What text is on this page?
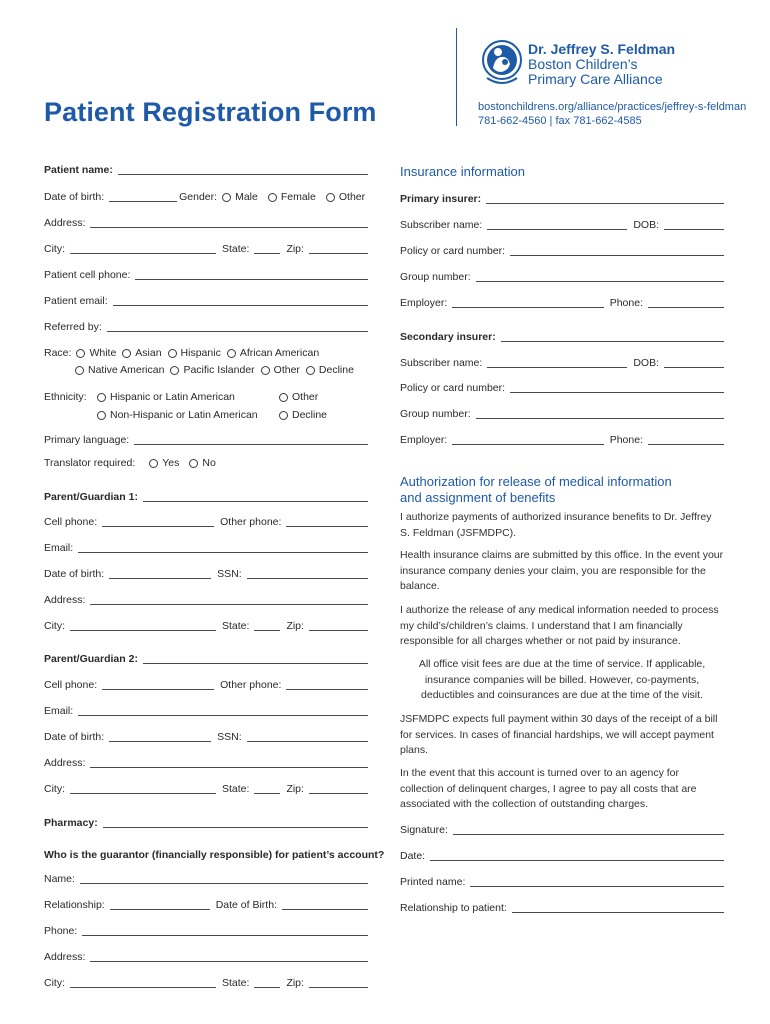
Patient Registration Form
Dr. Jeffrey S. Feldman
Boston Children’s
Primary Care Alliance
bostonchildrens.org/alliance/practices/jeffrey-s-feldman
781-662-4560 | fax 781-662-4585
Patient name:
Date of birth:	Gender:	Male Female Other
Address:
City:	State:	Zip:
Patient cell phone:
Patient email:
Referred by:
Race:	White Asian Hispanic African American
Native American Pacific Islander Other Decline
Ethnicity:	Hispanic or Latin American	Other
Non-Hispanic or Latin American	Decline
Primary language:
Translator required:	Yes No
Parent/Guardian 1:
Cell phone:	Other phone:
Email:
Date of birth:	SSN:
Address:
City:	State:	Zip:
Parent/Guardian 2:
Cell phone:	Other phone:
Email:
Date of birth:	SSN:
Address:
City:	State:	Zip:
Pharmacy:
Who is the guarantor (financially responsible) for patient’s account?
Name:
Relationship:	Date of Birth:
Phone:
Address:
City:	State:	Zip:
Insurance information
Primary insurer:
Subscriber name:	DOB:
Policy or card number:
Group number:
Employer:	Phone:
Secondary insurer:
Subscriber name:	DOB:
Policy or card number:
Group number:
Employer:	Phone:
Authorization for release of medical information
and assignment of benefits
I authorize payments of authorized insurance benefits to Dr. Jeffrey S. Feldman (JSFMDPC).
Health insurance claims are submitted by this office. In the event your insurance company denies your claim, you are responsible for the balance.
I authorize the release of any medical information needed to process my child’s/children’s claims. I understand that I am financially responsible for all charges whether or not paid by insurance.
All office visit fees are due at the time of service. If applicable, insurance companies will be billed. However, co-payments, deductibles and coinsurances are due at the time of the visit.
JSFMDPC expects full payment within 30 days of the receipt of a bill for services. In cases of financial hardships, we will accept payment plans.
In the event that this account is turned over to an agency for collection of delinquent charges, I agree to pay all costs that are associated with the collection of outstanding charges.
Signature:
Date:
Printed name:
Relationship to patient:
